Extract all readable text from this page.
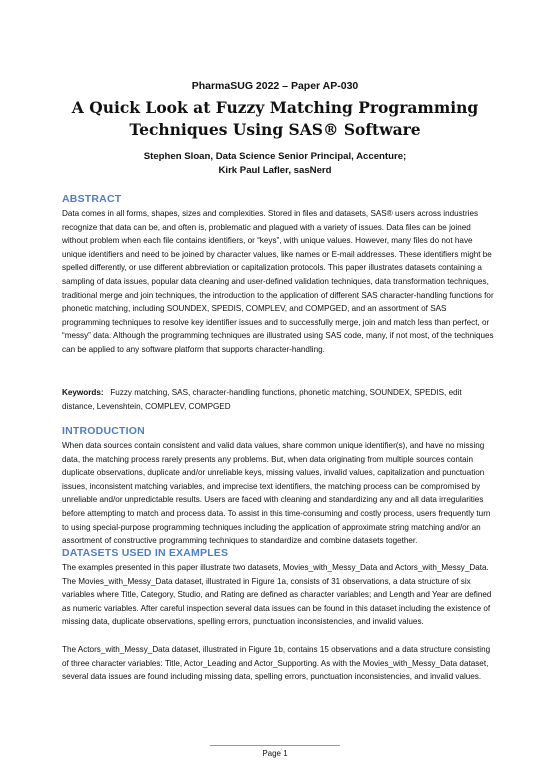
PharmaSUG 2022 – Paper AP-030
A Quick Look at Fuzzy Matching Programming
Techniques Using SAS® Software
Stephen Sloan, Data Science Senior Principal, Accenture;
Kirk Paul Lafler, sasNerd
ABSTRACT

Data comes in all forms, shapes, sizes and complexities. Stored in files and datasets, SAS® users across industries recognize that data can be, and often is, problematic and plagued with a variety of issues. Data files can be joined without problem when each file contains identifiers, or “keys”, with unique values. However, many files do not have unique identifiers and need to be joined by character values, like names or E-mail addresses. These identifiers might be spelled differently, or use different abbreviation or capitalization protocols. This paper illustrates datasets containing a sampling of data issues, popular data cleaning and user-defined validation techniques, data transformation techniques, traditional merge and join techniques, the introduction to the application of different SAS character-handling functions for phonetic matching, including SOUNDEX, SPEDIS, COMPLEV, and COMPGED, and an assortment of SAS programming techniques to resolve key identifier issues and to successfully merge, join and match less than perfect, or “messy” data. Although the programming techniques are illustrated using SAS code, many, if not most, of the techniques can be applied to any software platform that supports character-handling.

Keywords: Fuzzy matching, SAS, character-handling functions, phonetic matching, SOUNDEX, SPEDIS, edit distance, Levenshtein, COMPLEV, COMPGED

INTRODUCTION

When data sources contain consistent and valid data values, share common unique identifier(s), and have no missing data, the matching process rarely presents any problems. But, when data originating from multiple sources contain duplicate observations, duplicate and/or unreliable keys, missing values, invalid values, capitalization and punctuation issues, inconsistent matching variables, and imprecise text identifiers, the matching process can be compromised by unreliable and/or unpredictable results. Users are faced with cleaning and standardizing any and all data irregularities before attempting to match and process data. To assist in this time-consuming and costly process, users frequently turn to using special-purpose programming techniques including the application of approximate string matching and/or an assortment of constructive programming techniques to standardize and combine datasets together.

DATASETS USED IN EXAMPLES

The examples presented in this paper illustrate two datasets, Movies_with_Messy_Data and Actors_with_Messy_Data. The Movies_with_Messy_Data dataset, illustrated in Figure 1a, consists of 31 observations, a data structure of six variables where Title, Category, Studio, and Rating are defined as character variables; and Length and Year are defined as numeric variables. After careful inspection several data issues can be found in this dataset including the existence of missing data, duplicate observations, spelling errors, punctuation inconsistencies, and invalid values.

The Actors_with_Messy_Data dataset, illustrated in Figure 1b, contains 15 observations and a data structure consisting of three character variables: Title, Actor_Leading and Actor_Supporting. As with the Movies_with_Messy_Data dataset, several data issues are found including missing data, spelling errors, punctuation inconsistencies, and invalid values.

Page 1
